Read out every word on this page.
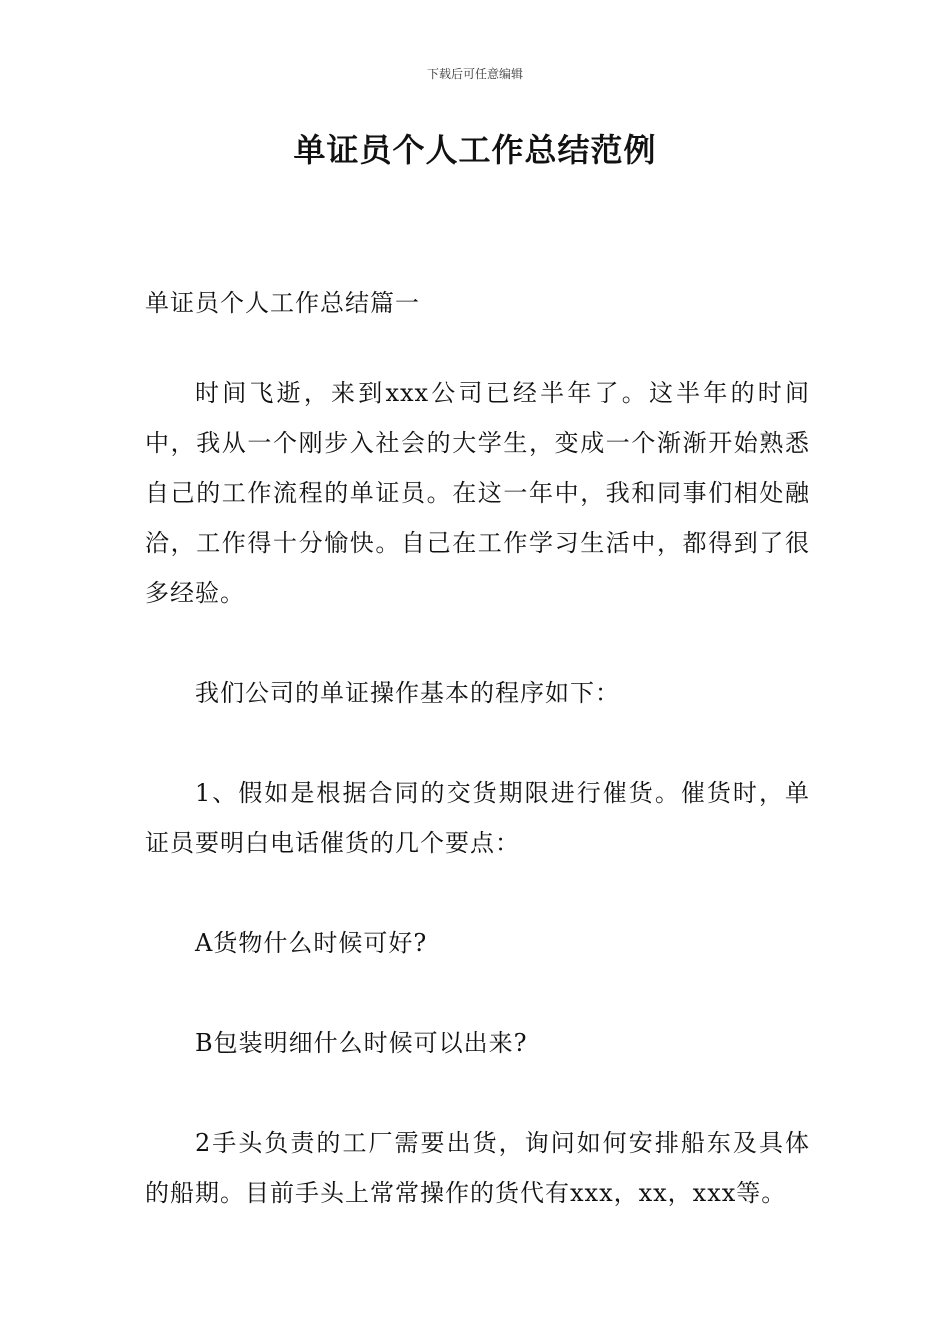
下载后可任意编辑
单证员个人工作总结范例

单证员个人工作总结篇一

时间飞逝，来到xxx公司已经半年了。这半年的时间中，我从一个刚步入社会的大学生，变成一个渐渐开始熟悉自己的工作流程的单证员。在这一年中，我和同事们相处融洽，工作得十分愉快。自己在工作学习生活中，都得到了很多经验。

我们公司的单证操作基本的程序如下：

1、假如是根据合同的交货期限进行催货。催货时，单证员要明白电话催货的几个要点：

A货物什么时候可好?

B包装明细什么时候可以出来?

2手头负责的工厂需要出货，询问如何安排船东及具体的船期。目前手头上常常操作的货代有xxx，xx，xxx等。
